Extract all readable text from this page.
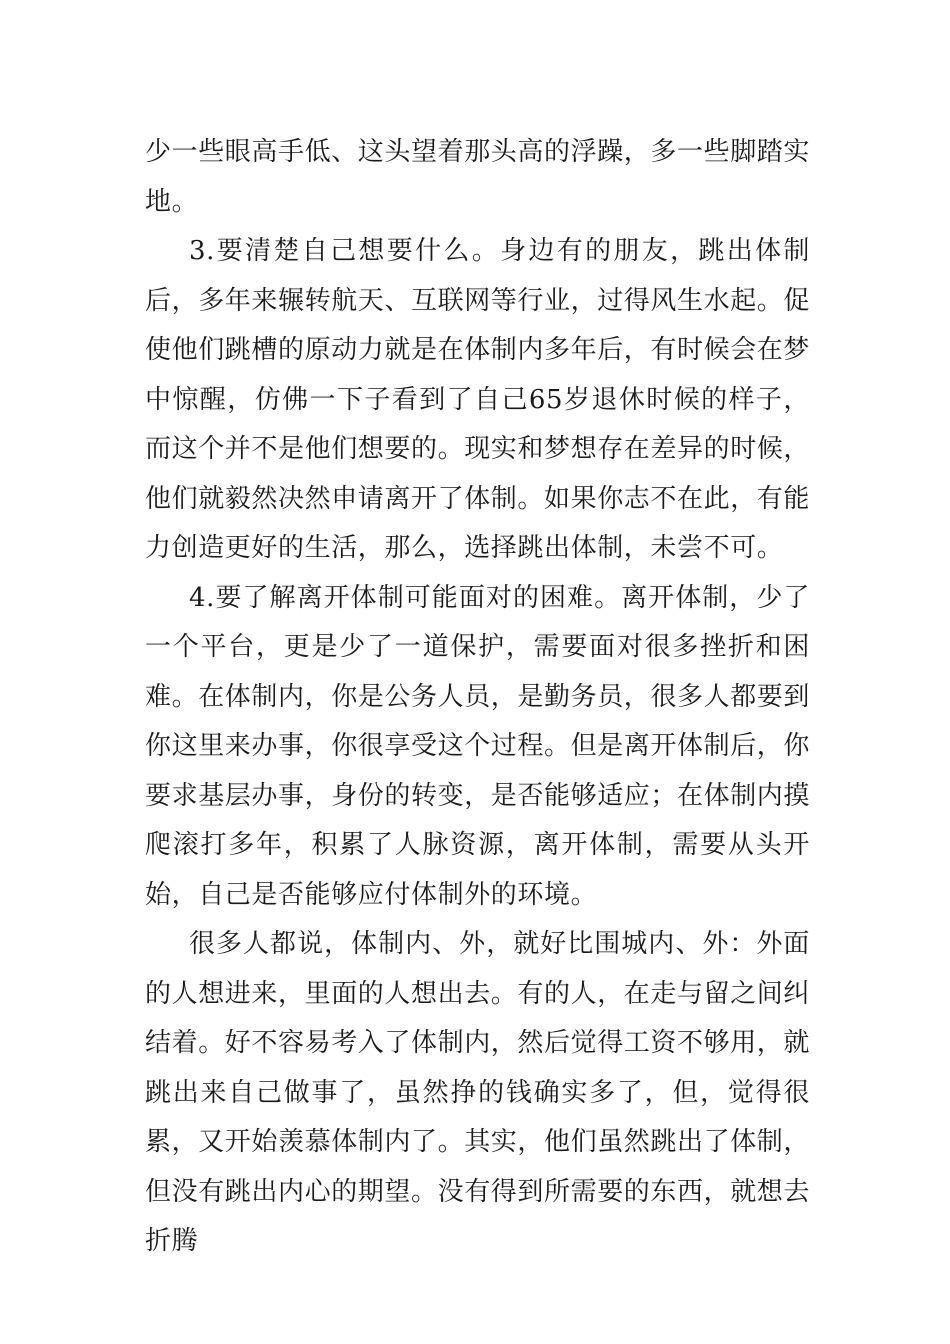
少一些眼高手低、这头望着那头高的浮躁，多一些脚踏实地。

3.要清楚自己想要什么。身边有的朋友，跳出体制后，多年来辗转航天、互联网等行业，过得风生水起。促使他们跳槽的原动力就是在体制内多年后，有时候会在梦中惊醒，仿佛一下子看到了自己65岁退休时候的样子，而这个并不是他们想要的。现实和梦想存在差异的时候，他们就毅然决然申请离开了体制。如果你志不在此，有能力创造更好的生活，那么，选择跳出体制，未尝不可。

4.要了解离开体制可能面对的困难。离开体制，少了一个平台，更是少了一道保护，需要面对很多挫折和困难。在体制内，你是公务人员，是勤务员，很多人都要到你这里来办事，你很享受这个过程。但是离开体制后，你要求基层办事，身份的转变，是否能够适应；在体制内摸爬滚打多年，积累了人脉资源，离开体制，需要从头开始，自己是否能够应付体制外的环境。

很多人都说，体制内、外，就好比围城内、外：外面的人想进来，里面的人想出去。有的人，在走与留之间纠结着。好不容易考入了体制内，然后觉得工资不够用，就跳出来自己做事了，虽然挣的钱确实多了，但，觉得很累，又开始羡慕体制内了。其实，他们虽然跳出了体制，但没有跳出内心的期望。没有得到所需要的东西，就想去折腾
